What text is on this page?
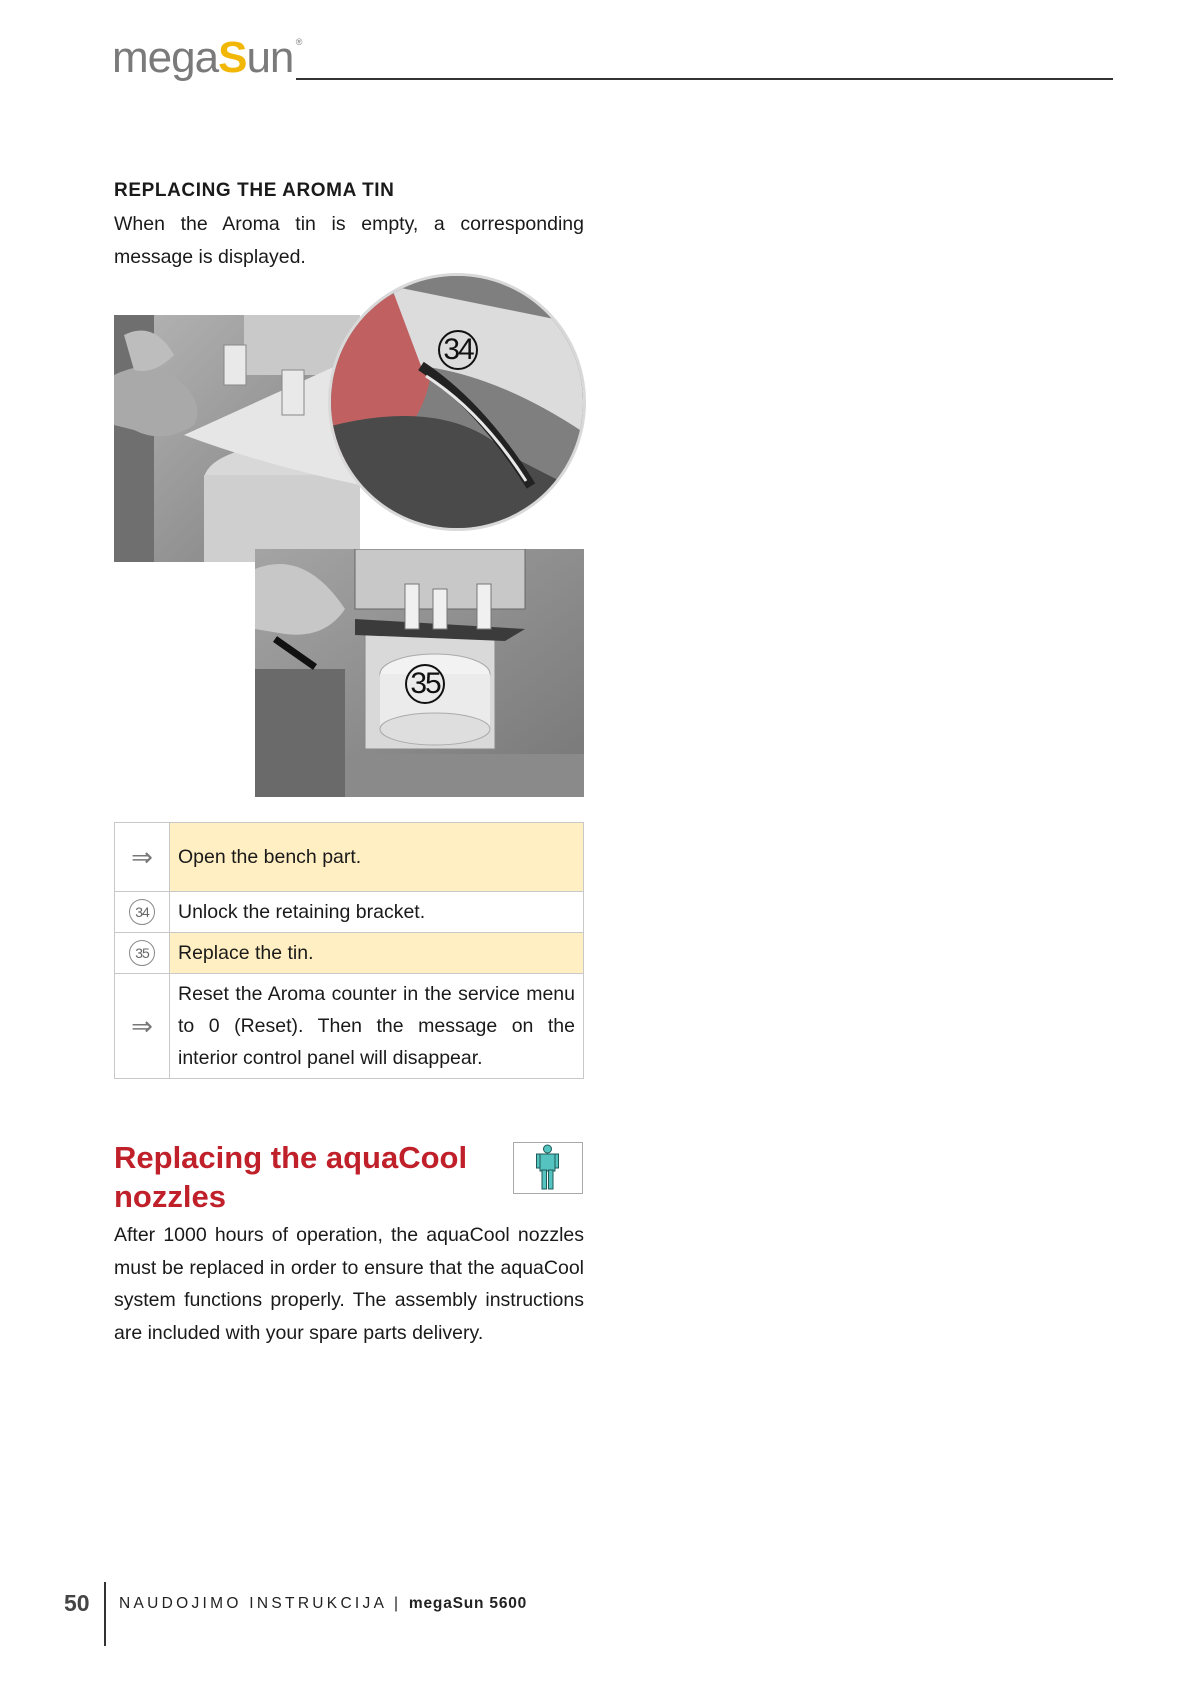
megaSun ®
REPLACING THE AROMA TIN

When the Aroma tin is empty, a corresponding message is displayed.

35
34
⇒	Open the bench part.
34	Unlock the retaining bracket.
35	Replace the tin.
⇒	Reset the Aroma counter in the service menu to 0 (Reset). Then the message on the interior control panel will disappear.
Replacing the aquaCool nozzles

After 1000 hours of operation, the aquaCool nozzles must be replaced in order to ensure that the aquaCool system functions properly. The assembly instructions are included with your spare parts delivery.

50 NAUDOJIMO INSTRUKCIJA | megaSun 5600
